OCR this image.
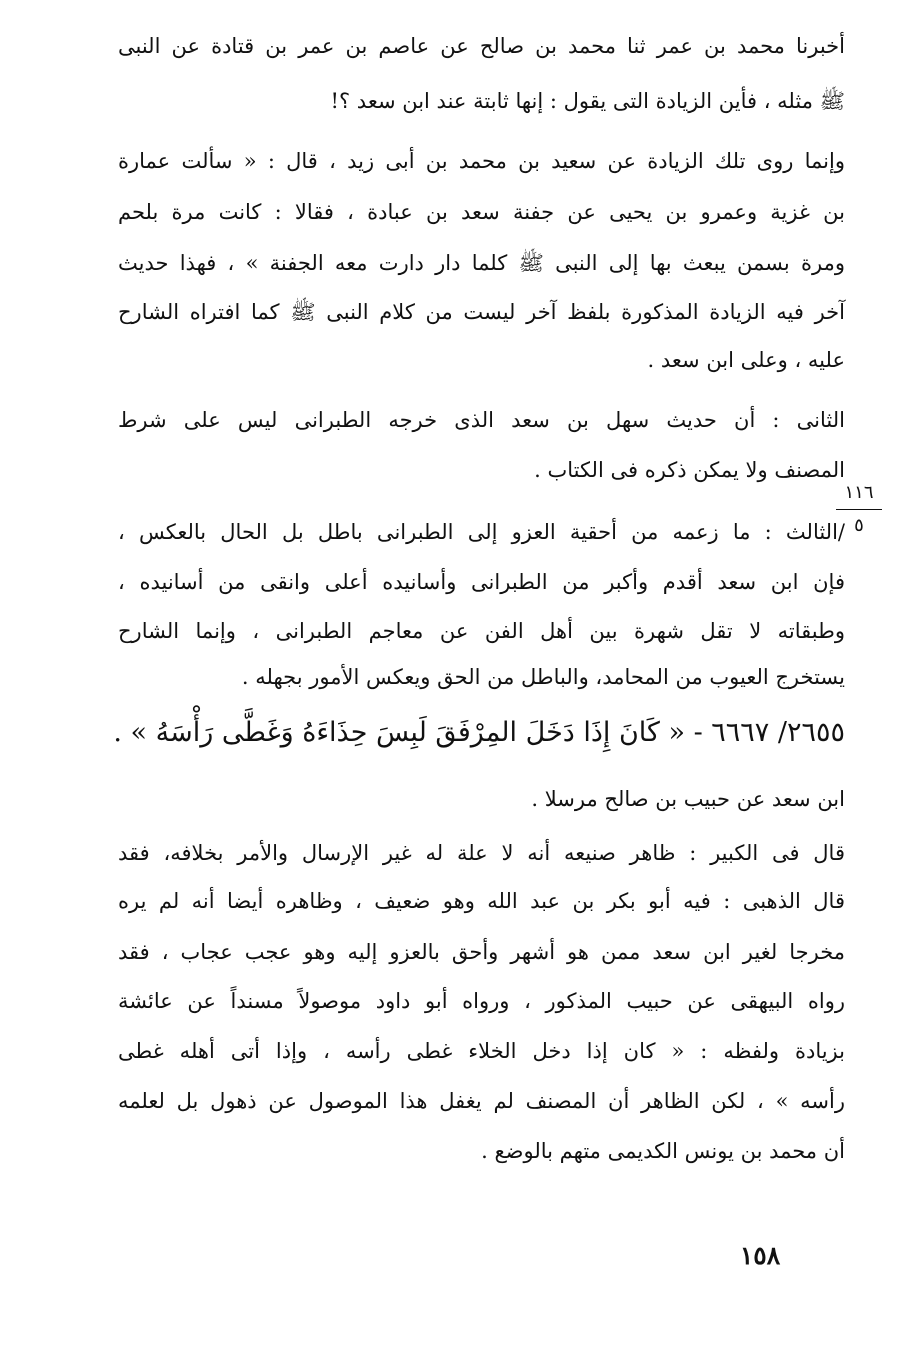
أخبرنا محمد بن عمر ثنا محمد بن صالح عن عاصم بن عمر بن قتادة عن النبى
ﷺ مثله ، فأين الزيادة التى يقول : إنها ثابتة عند ابن سعد ؟!
وإنما روى تلك الزيادة عن سعيد بن محمد بن أبى زيد ، قال : « سألت عمارة
بن غزية وعمرو بن يحيى عن جفنة سعد بن عبادة ، فقالا : كانت مرة بلحم
ومرة بسمن يبعث بها إلى النبى ﷺ كلما دار دارت معه الجفنة » ، فهذا حديث
آخر فيه الزيادة المذكورة بلفظ آخر ليست من كلام النبى ﷺ كما افتراه الشارح
عليه ، وعلى ابن سعد .
الثانى : أن حديث سهل بن سعد الذى خرجه الطبرانى ليس على شرط
المصنف ولا يمكن ذكره فى الكتاب .
١١٦
٥
/الثالث : ما زعمه من أحقية العزو إلى الطبرانى باطل بل الحال بالعكس ،
فإن ابن سعد أقدم وأكبر من الطبرانى وأسانيده أعلى وانقى من أسانيده ،
وطبقاته لا تقل شهرة بين أهل الفن عن معاجم الطبرانى ، وإنما الشارح
يستخرج العيوب من المحامد، والباطل من الحق ويعكس الأمور بجهله .
٢٦٥٥/ ٦٦٦٧ - « كَانَ إِذَا دَخَلَ المِرْفَقَ لَبِسَ حِذَاءَهُ وَغَطَّى رَأْسَهُ » .
ابن سعد عن حبيب بن صالح مرسلا .
قال فى الكبير : ظاهر صنيعه أنه لا علة له غير الإرسال والأمر بخلافه، فقد
قال الذهبى : فيه أبو بكر بن عبد الله وهو ضعيف ، وظاهره أيضا أنه لم يره
مخرجا لغير ابن سعد ممن هو أشهر وأحق بالعزو إليه وهو عجب عجاب ، فقد
رواه البيهقى عن حبيب المذكور ، ورواه أبو داود موصولاً مسنداً عن عائشة
بزيادة ولفظه : « كان إذا دخل الخلاء غطى رأسه ، وإذا أتى أهله غطى
رأسه » ، لكن الظاهر أن المصنف لم يغفل هذا الموصول عن ذهول بل لعلمه
أن محمد بن يونس الكديمى متهم بالوضع .
١٥٨
